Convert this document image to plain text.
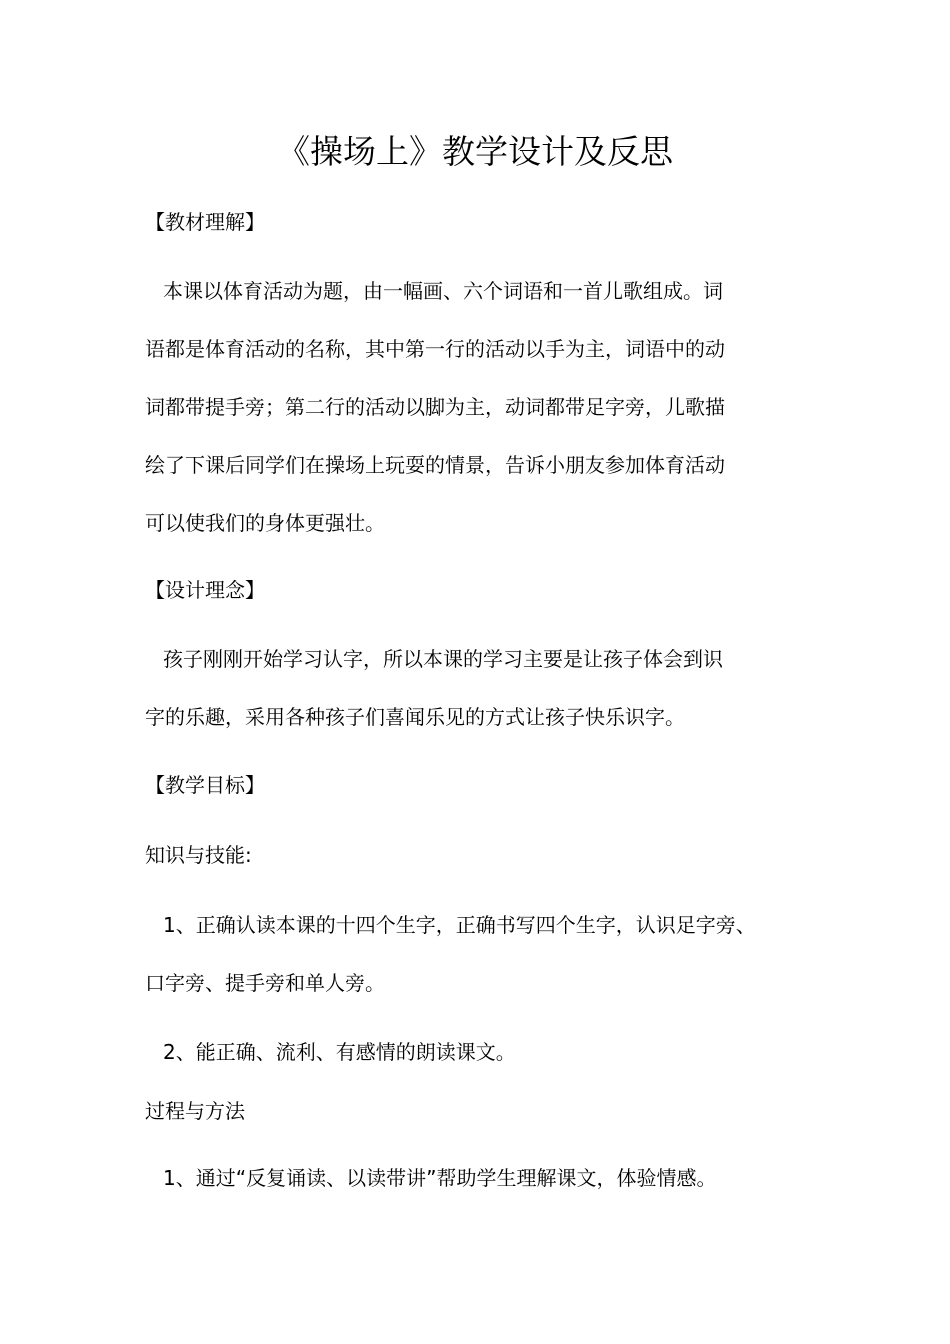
《操场上》教学设计及反思
【教材理解】
本课以体育活动为题，由一幅画、六个词语和一首儿歌组成。词
语都是体育活动的名称，其中第一行的活动以手为主，词语中的动
词都带提手旁；第二行的活动以脚为主，动词都带足字旁，儿歌描
绘了下课后同学们在操场上玩耍的情景，告诉小朋友参加体育活动
可以使我们的身体更强壮。
【设计理念】
孩子刚刚开始学习认字，所以本课的学习主要是让孩子体会到识
字的乐趣，采用各种孩子们喜闻乐见的方式让孩子快乐识字。
【教学目标】
知识与技能:
1、正确认读本课的十四个生字，正确书写四个生字，认识足字旁、
口字旁、提手旁和单人旁。
2、能正确、流利、有感情的朗读课文。
过程与方法
1、通过“反复诵读、以读带讲”帮助学生理解课文，体验情感。
